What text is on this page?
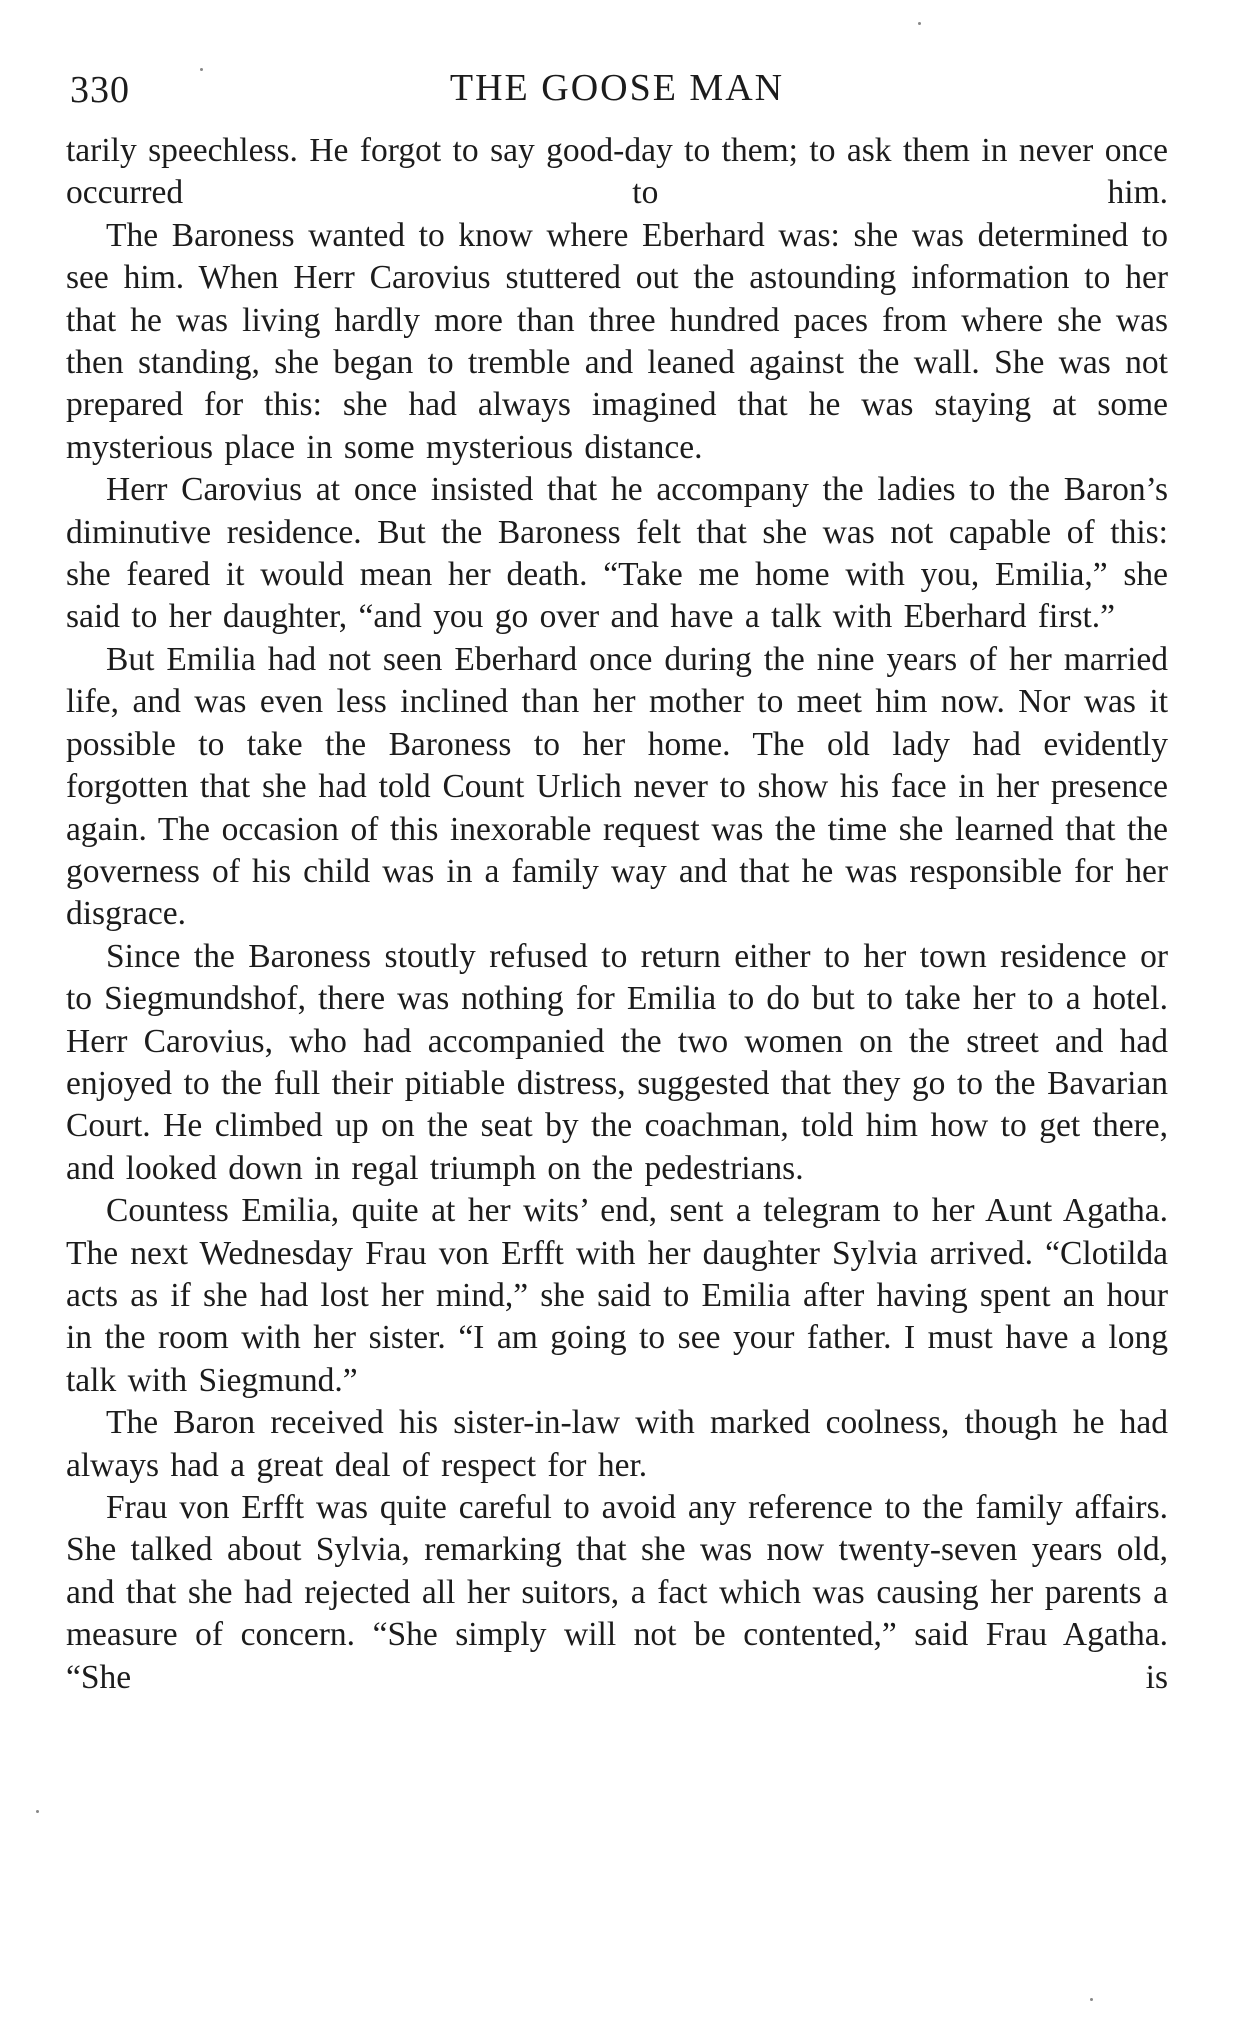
330	THE GOOSE MAN

tarily speechless. He forgot to say good-day to them; to ask them in never once occurred to him.

The Baroness wanted to know where Eberhard was: she was determined to see him. When Herr Carovius stuttered out the astounding information to her that he was living hardly more than three hundred paces from where she was then standing, she began to tremble and leaned against the wall. She was not prepared for this: she had always imagined that he was staying at some mysterious place in some mysterious distance.

Herr Carovius at once insisted that he accompany the ladies to the Baron’s diminutive residence. But the Baroness felt that she was not capable of this: she feared it would mean her death. “Take me home with you, Emilia,” she said to her daughter, “and you go over and have a talk with Eberhard first.”

But Emilia had not seen Eberhard once during the nine years of her married life, and was even less inclined than her mother to meet him now. Nor was it possible to take the Baroness to her home. The old lady had evidently forgotten that she had told Count Urlich never to show his face in her presence again. The occasion of this inexorable request was the time she learned that the governess of his child was in a family way and that he was responsible for her disgrace.

Since the Baroness stoutly refused to return either to her town residence or to Siegmundshof, there was nothing for Emilia to do but to take her to a hotel. Herr Carovius, who had accompanied the two women on the street and had enjoyed to the full their pitiable distress, suggested that they go to the Bavarian Court. He climbed up on the seat by the coachman, told him how to get there, and looked down in regal triumph on the pedestrians.

Countess Emilia, quite at her wits’ end, sent a telegram to her Aunt Agatha. The next Wednesday Frau von Erfft with her daughter Sylvia arrived. “Clotilda acts as if she had lost her mind,” she said to Emilia after having spent an hour in the room with her sister. “I am going to see your father. I must have a long talk with Siegmund.”

The Baron received his sister-in-law with marked coolness, though he had always had a great deal of respect for her.

Frau von Erfft was quite careful to avoid any reference to the family affairs. She talked about Sylvia, remarking that she was now twenty-seven years old, and that she had rejected all her suitors, a fact which was causing her parents a measure of concern. “She simply will not be contented,” said Frau Agatha. “She is
